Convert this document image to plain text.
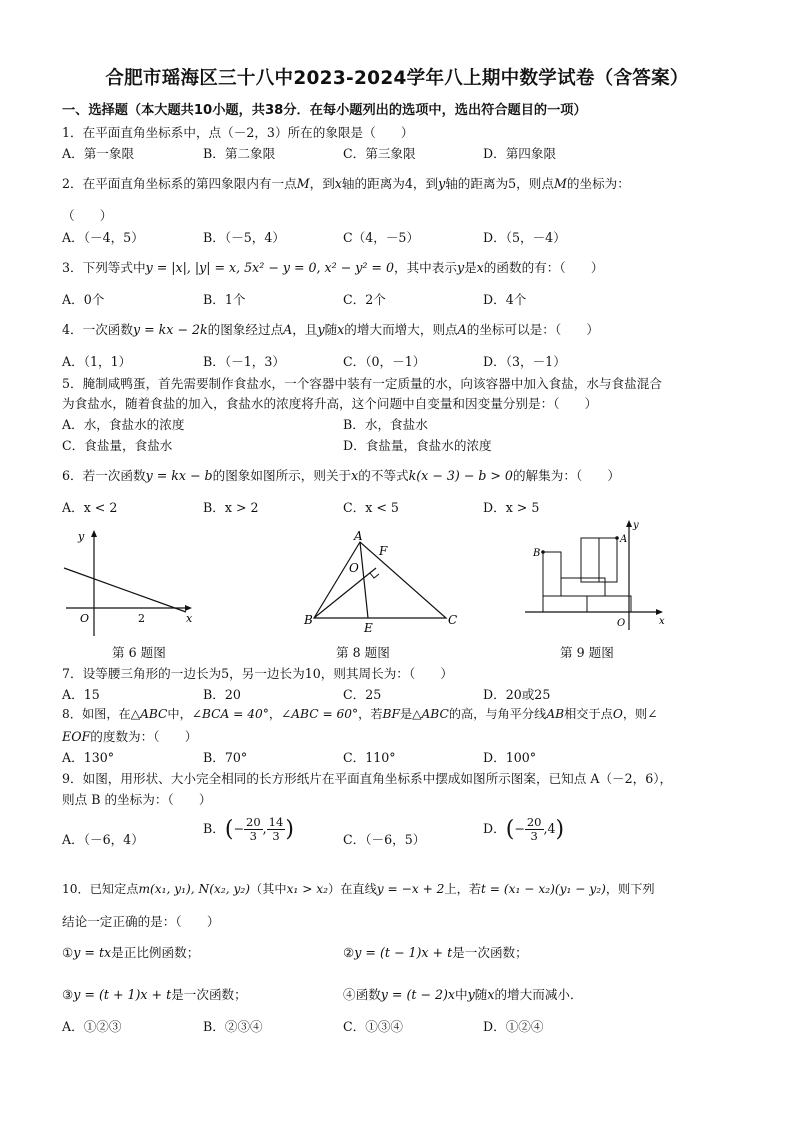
合肥市瑶海区三十八中2023-2024学年八上期中数学试卷（含答案）
一、选择题（本大题共10小题，共38分．在每小题列出的选项中，选出符合题目的一项）
1．在平面直角坐标系中，点（－2，3）所在的象限是（　　）
A．第一象限	B．第二象限	C．第三象限	D．第四象限
2．在平面直角坐标系的第四象限内有一点M，到x轴的距离为4，到y轴的距离为5，则点M的坐标为：
（　　）
A．（－4，5）	B．（－5，4）	C（4，－5）	D．（5，－4）
3．下列等式中y = |x|, |y| = x, 5x² − y = 0, x² − y² = 0，其中表示y是x的函数的有：（　　）
A．0个	B．1个	C．2个	D．4个
4．一次函数y = kx − 2k的图象经过点A，且y随x的增大而增大，则点A的坐标可以是：（　　）
A．（1，1）	B．（－1，3）	C．（0，－1）	D．（3，－1）
5．腌制咸鸭蛋，首先需要制作食盐水，一个容器中装有一定质量的水，向该容器中加入食盐，水与食盐混合
为食盐水，随着食盐的加入，食盐水的浓度将升高，这个问题中自变量和因变量分别是：（　　）
A．水，食盐水的浓度	B．水，食盐水
C．食盐量，食盐水	D．食盐量，食盐水的浓度
6．若一次函数y = kx − b的图象如图所示，则关于x的不等式k(x − 3) − b > 0的解集为：（　　）
A．x < 2	B．x > 2	C．x < 5	D．x > 5
y
x
O	2
第 6 题图
A
F
O
B	C
E
第 8 题图
B
A
O	x
y
第 9 题图
7．设等腰三角形的一边长为5，另一边长为10，则其周长为：（　　）
A．15	B．20	C．25	D．20或25
8．如图，在△ABC中，∠BCA = 40°，∠ABC = 60°，若BF是△ABC的高，与角平分线AB相交于点O，则∠
EOF的度数为：（　　）
A．130°	B．70°	C．110°	D．100°
9．如图，用形状、大小完全相同的长方形纸片在平面直角坐标系中摆成如图所示图案，已知点 A（－2，6），
则点 B 的坐标为：（　　）
A．（－6，4）
B．(− $\frac{20}{3}$ , $\frac{14}{3}$ )	C．（－6，5）
D．(− $\frac{20}{3} ,4$)
10．已知定点m(x₁, y₁), N(x₂, y₂)（其中x₁ > x₂）在直线y = −x + 2上，若t = (x₁ − x₂)(y₁ − y₂)，则下列
结论一定正确的是：（　　）
①y = tx是正比例函数；	②y = (t − 1)x + t是一次函数；
③y = (t + 1)x + t是一次函数；	④函数y = (t − 2)x中y随x的增大而减小．
A．①②③	B．②③④	C．①③④	D．①②④
